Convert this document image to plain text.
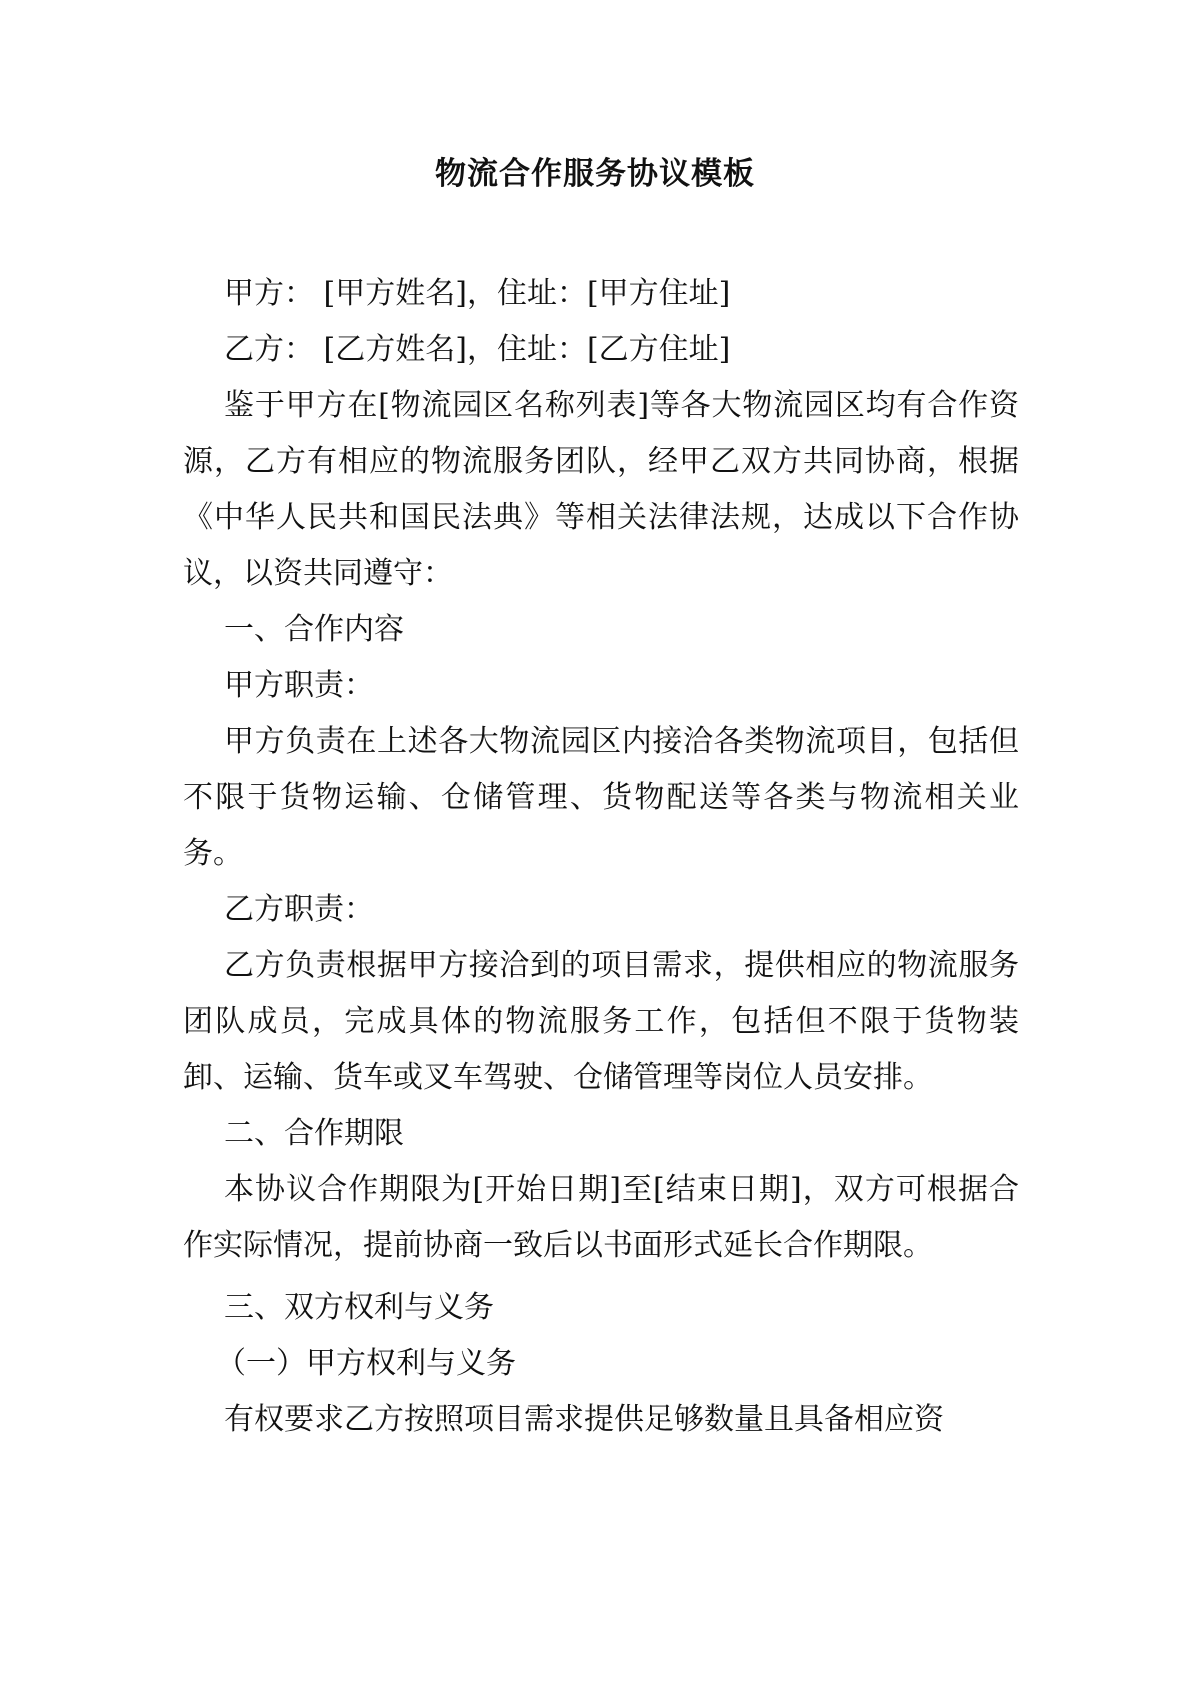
物流合作服务协议模板

甲方： [甲方姓名]，住址：[甲方住址]

乙方： [乙方姓名]，住址：[乙方住址]

鉴于甲方在[物流园区名称列表]等各大物流园区均有合作资源，乙方有相应的物流服务团队，经甲乙双方共同协商，根据《中华人民共和国民法典》等相关法律法规，达成以下合作协议，以资共同遵守：

一、合作内容

甲方职责：

甲方负责在上述各大物流园区内接洽各类物流项目，包括但不限于货物运输、仓储管理、货物配送等各类与物流相关业务。

乙方职责：

乙方负责根据甲方接洽到的项目需求，提供相应的物流服务团队成员，完成具体的物流服务工作，包括但不限于货物装卸、运输、货车或叉车驾驶、仓储管理等岗位人员安排。

二、合作期限

本协议合作期限为[开始日期]至[结束日期]，双方可根据合作实际情况，提前协商一致后以书面形式延长合作期限。

三、双方权利与义务

（一）甲方权利与义务

有权要求乙方按照项目需求提供足够数量且具备相应资
